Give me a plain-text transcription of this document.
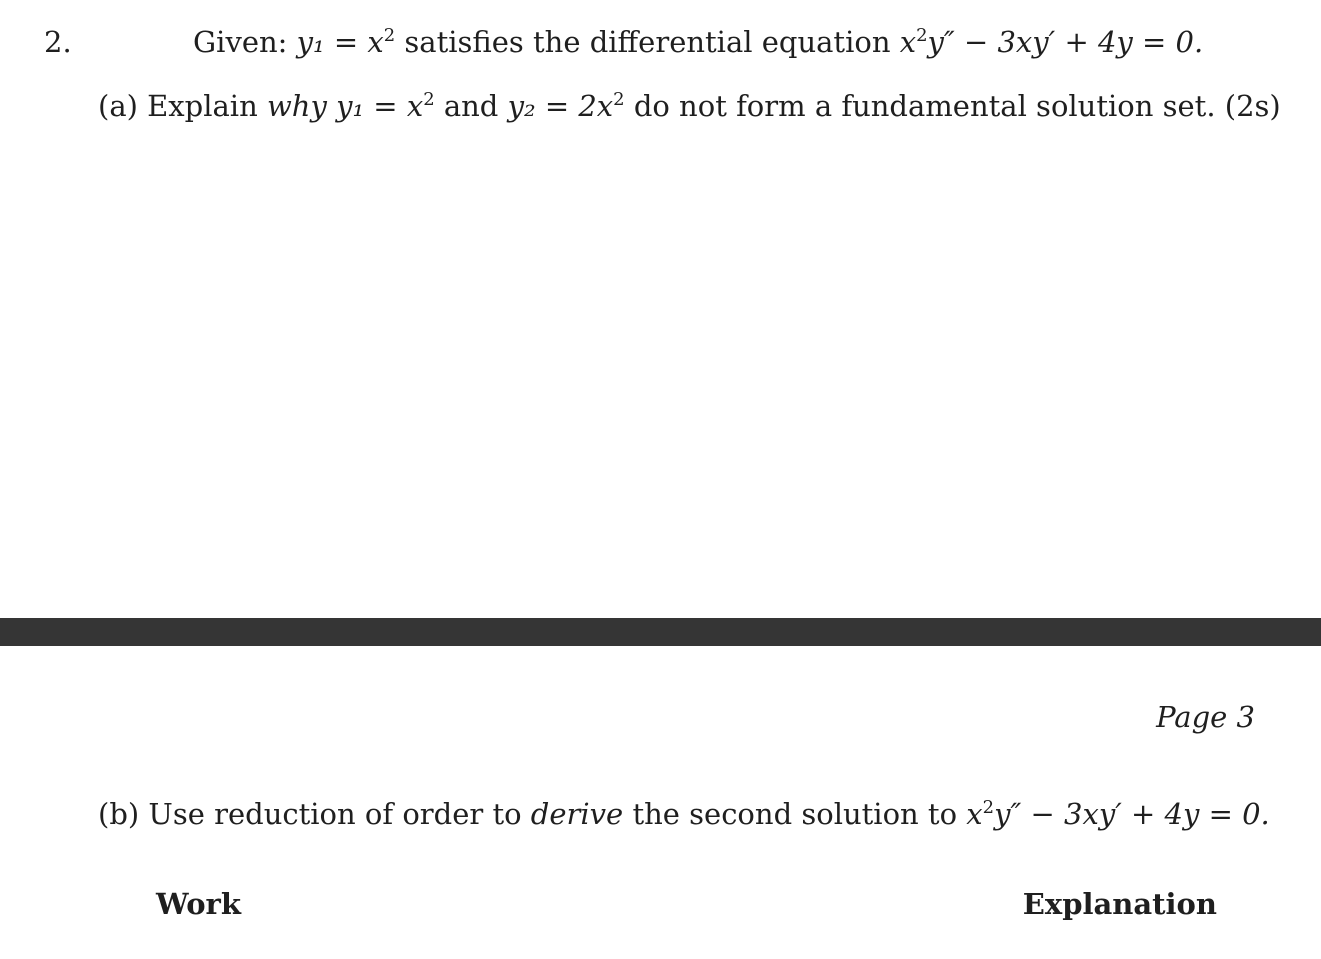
2.	Given: $y_1 = x^2$ satisfies the differential equation $x^2y'' - 3xy' + 4y = 0$.
(a) Explain why $y_1 = x^2$ and $y_2 = 2x^2$ do not form a fundamental solution set. (2s)
Page 3
(b) Use reduction of order to derive the second solution to $x^2y'' - 3xy' + 4y = 0$.
Work	Explanation
